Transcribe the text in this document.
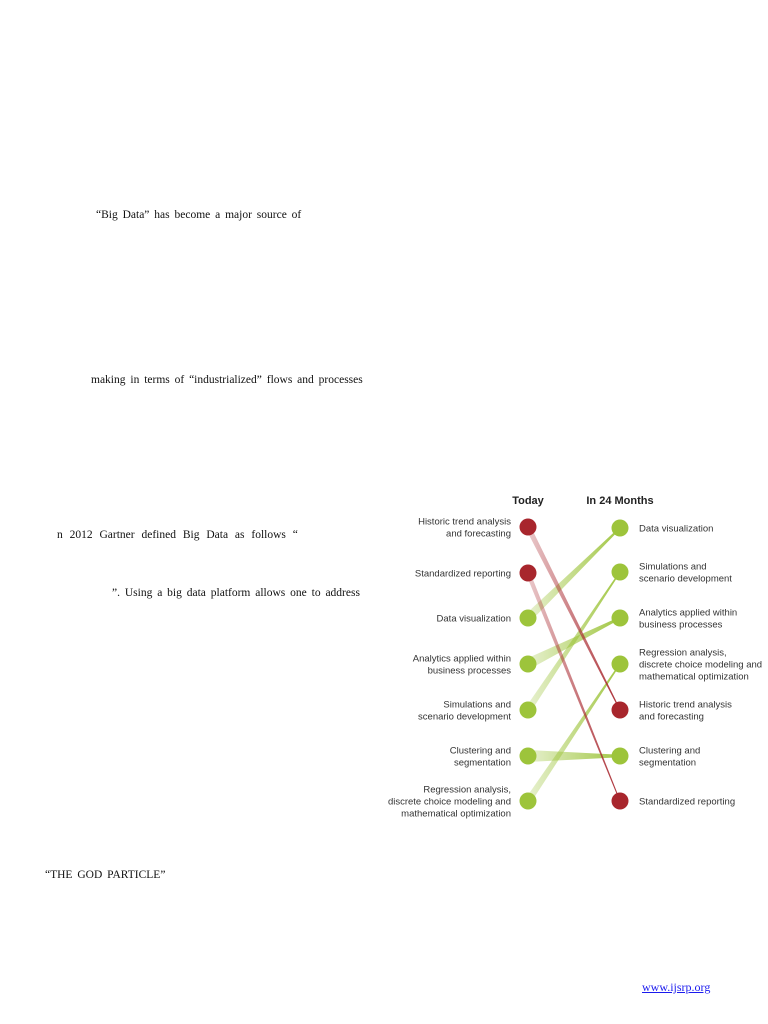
“Big Data” has become a major source of
making in terms of “industrialized” flows and processes
n 2012 Gartner defined Big Data as follows “
”. Using a big data platform allows one to address
“THE GOD PARTICLE”
Today	In 24 Months
Historic trend analysis and forecasting
Standardized reporting
Data visualization
Analytics applied within business processes
Simulations and scenario development
Clustering and segmentation
Regression analysis, discrete choice modeling and mathematical optimization
Data visualization
Simulations and scenario development
Analytics applied within business processes
Regression analysis, discrete choice modeling and mathematical optimization
Historic trend analysis and forecasting
Clustering and segmentation
Standardized reporting
www.ijsrp.org
